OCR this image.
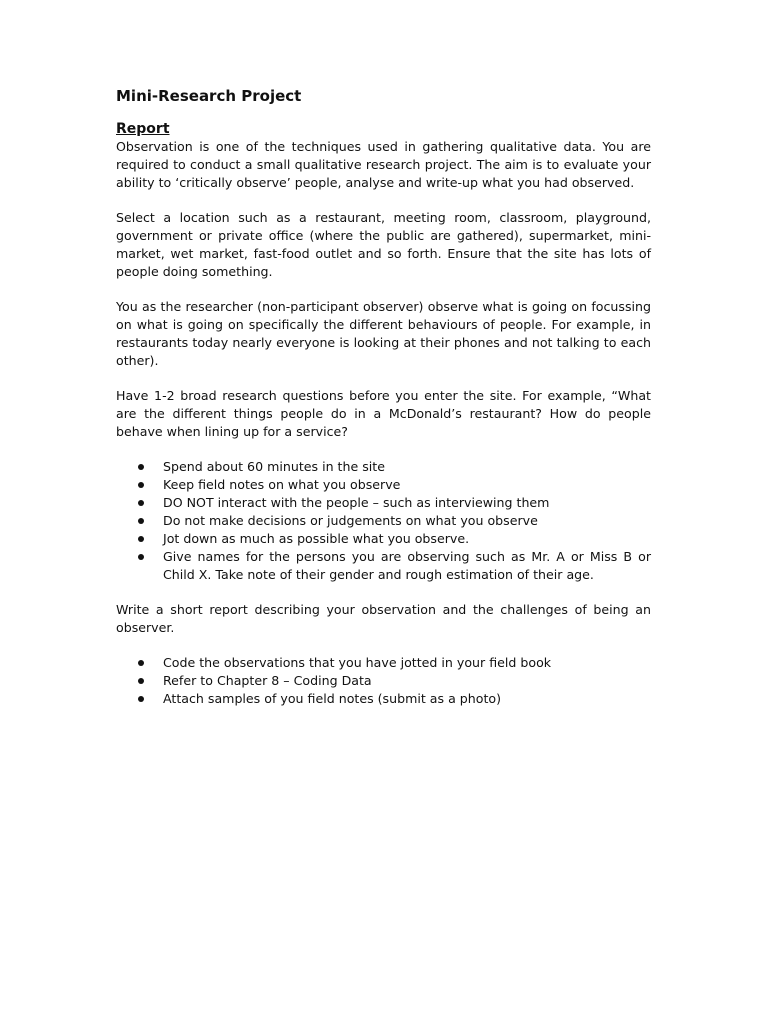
Mini-Research Project
Report

Observation is one of the techniques used in gathering qualitative data. You are required to conduct a small qualitative research project. The aim is to evaluate your ability to ‘critically observe’ people, analyse and write-up what you had observed.

Select a location such as a restaurant, meeting room, classroom, playground, government or private office (where the public are gathered), supermarket, mini-market, wet market, fast-food outlet and so forth. Ensure that the site has lots of people doing something.

You as the researcher (non-participant observer) observe what is going on focussing on what is going on specifically the different behaviours of people. For example, in restaurants today nearly everyone is looking at their phones and not talking to each other).

Have 1-2 broad research questions before you enter the site. For example, “What are the different things people do in a McDonald’s restaurant? How do people behave when lining up for a service?

Spend about 60 minutes in the site
Keep field notes on what you observe
DO NOT interact with the people – such as interviewing them
Do not make decisions or judgements on what you observe
Jot down as much as possible what you observe.
Give names for the persons you are observing such as Mr. A or Miss B or Child X. Take note of their gender and rough estimation of their age.

Write a short report describing your observation and the challenges of being an observer.

Code the observations that you have jotted in your field book
Refer to Chapter 8 – Coding Data
Attach samples of you field notes (submit as a photo)
